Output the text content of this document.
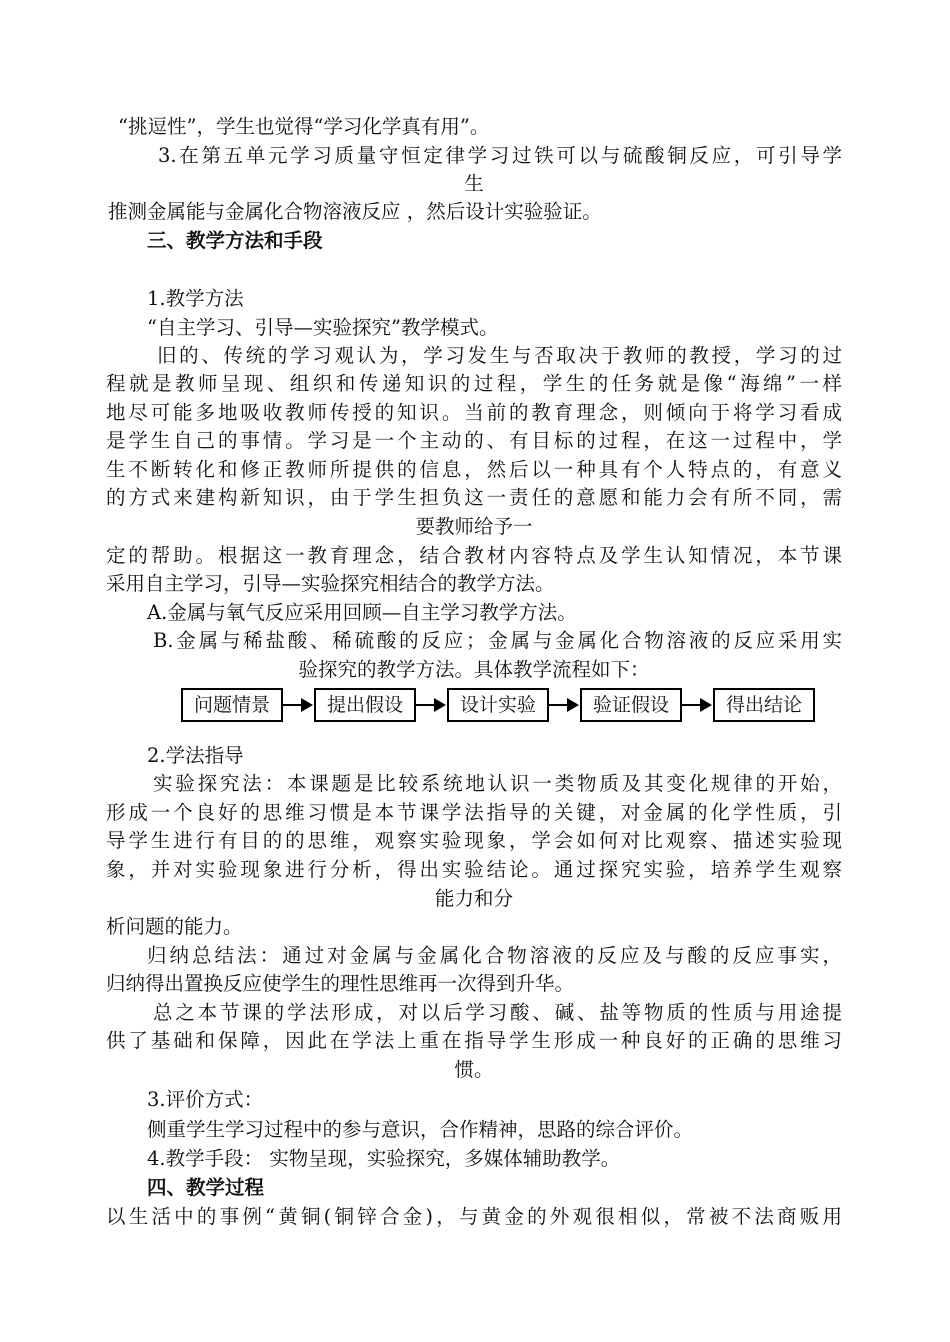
“挑逗性”，学生也觉得“学习化学真有用”。
3.在第五单元学习质量守恒定律学习过铁可以与硫酸铜反应，可引导学
生
推测金属能与金属化合物溶液反应 ，然后设计实验验证。
三、教学方法和手段
1.教学方法
“自主学习、引导—实验探究”教学模式。
旧的、传统的学习观认为，学习发生与否取决于教师的教授，学习的过
程就是教师呈现、组织和传递知识的过程，学生的任务就是像“海绵”一样
地尽可能多地吸收教师传授的知识。当前的教育理念，则倾向于将学习看成
是学生自己的事情。学习是一个主动的、有目标的过程，在这一过程中，学
生不断转化和修正教师所提供的信息，然后以一种具有个人特点的，有意义
的方式来建构新知识，由于学生担负这一责任的意愿和能力会有所不同，需
要教师给予一
定的帮助。根据这一教育理念，结合教材内容特点及学生认知情况，本节课
采用自主学习，引导—实验探究相结合的教学方法。
A.金属与氧气反应采用回顾—自主学习教学方法。
B.金属与稀盐酸、稀硫酸的反应；金属与金属化合物溶液的反应采用实
验探究的教学方法。具体教学流程如下：
问题情景	提出假设	设计实验	验证假设	得出结论
2.学法指导
实验探究法：本课题是比较系统地认识一类物质及其变化规律的开始，
形成一个良好的思维习惯是本节课学法指导的关键，对金属的化学性质，引
导学生进行有目的的思维，观察实验现象，学会如何对比观察、描述实验现
象，并对实验现象进行分析，得出实验结论。通过探究实验，培养学生观察
能力和分
析问题的能力。
归纳总结法：通过对金属与金属化合物溶液的反应及与酸的反应事实，
归纳得出置换反应使学生的理性思维再一次得到升华。
总之本节课的学法形成，对以后学习酸、碱、盐等物质的性质与用途提
供了基础和保障，因此在学法上重在指导学生形成一种良好的正确的思维习
惯。
3.评价方式：
侧重学生学习过程中的参与意识，合作精神，思路的综合评价。
4.教学手段： 实物呈现，实验探究，多媒体辅助教学。
四、教学过程
以生活中的事例“黄铜(铜锌合金)，与黄金的外观很相似，常被不法商贩用
